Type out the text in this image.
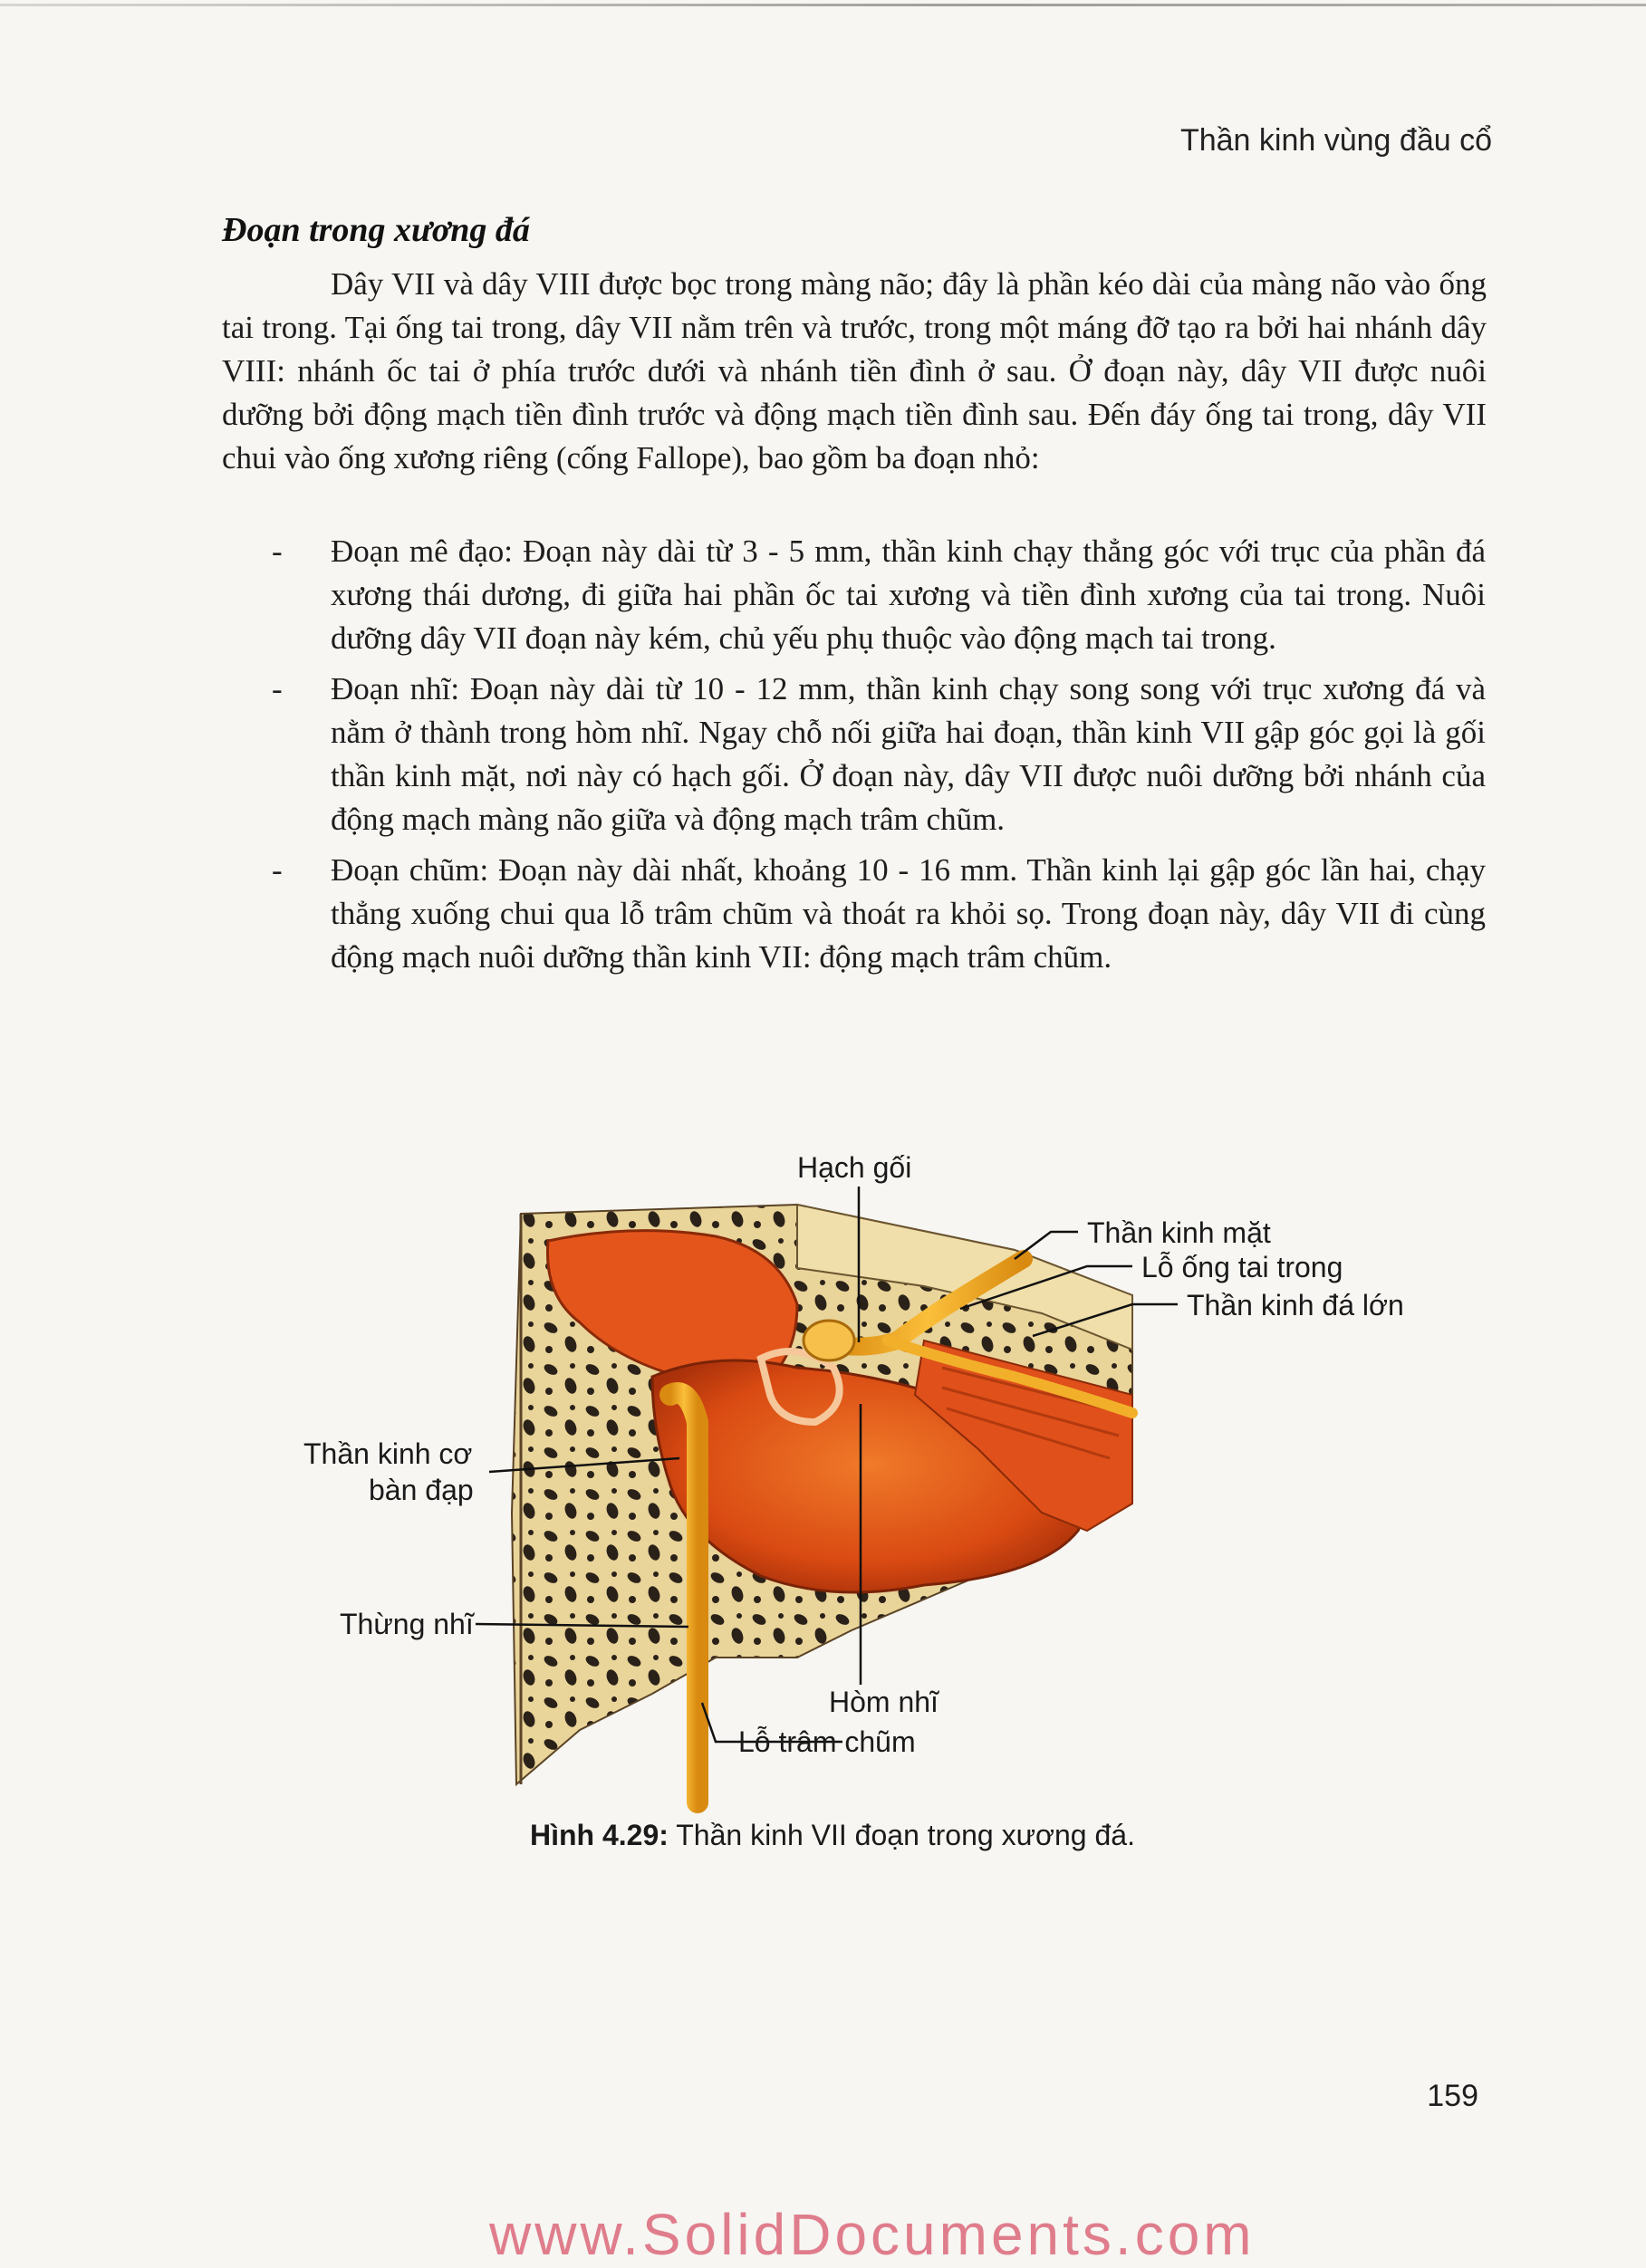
Thần kinh vùng đầu cổ
Đoạn trong xương đá
Dây VII và dây VIII được bọc trong màng não; đây là phần kéo dài của màng não vào ống tai trong. Tại ống tai trong, dây VII nằm trên và trước, trong một máng đỡ tạo ra bởi hai nhánh dây VIII: nhánh ốc tai ở phía trước dưới và nhánh tiền đình ở sau. Ở đoạn này, dây VII được nuôi dưỡng bởi động mạch tiền đình trước và động mạch tiền đình sau. Đến đáy ống tai trong, dây VII chui vào ống xương riêng (cống Fallope), bao gồm ba đoạn nhỏ:
- Đoạn mê đạo: Đoạn này dài từ 3 - 5 mm, thần kinh chạy thẳng góc với trục của phần đá xương thái dương, đi giữa hai phần ốc tai xương và tiền đình xương của tai trong. Nuôi dưỡng dây VII đoạn này kém, chủ yếu phụ thuộc vào động mạch tai trong.
- Đoạn nhĩ: Đoạn này dài từ 10 - 12 mm, thần kinh chạy song song với trục xương đá và nằm ở thành trong hòm nhĩ. Ngay chỗ nối giữa hai đoạn, thần kinh VII gập góc gọi là gối thần kinh mặt, nơi này có hạch gối. Ở đoạn này, dây VII được nuôi dưỡng bởi nhánh của động mạch màng não giữa và động mạch trâm chũm.
- Đoạn chũm: Đoạn này dài nhất, khoảng 10 - 16 mm. Thần kinh lại gập góc lần hai, chạy thẳng xuống chui qua lỗ trâm chũm và thoát ra khỏi sọ. Trong đoạn này, dây VII đi cùng động mạch nuôi dưỡng thần kinh VII: động mạch trâm chũm.
Hạch gối
Thần kinh mặt
Lỗ ống tai trong
Thần kinh đá lớn
Thần kinh cơ
bàn đạp
Thừng nhĩ
Hòm nhĩ
Lỗ trâm chũm
Hình 4.29: Thần kinh VII đoạn trong xương đá.
159
www.SolidDocuments.com
